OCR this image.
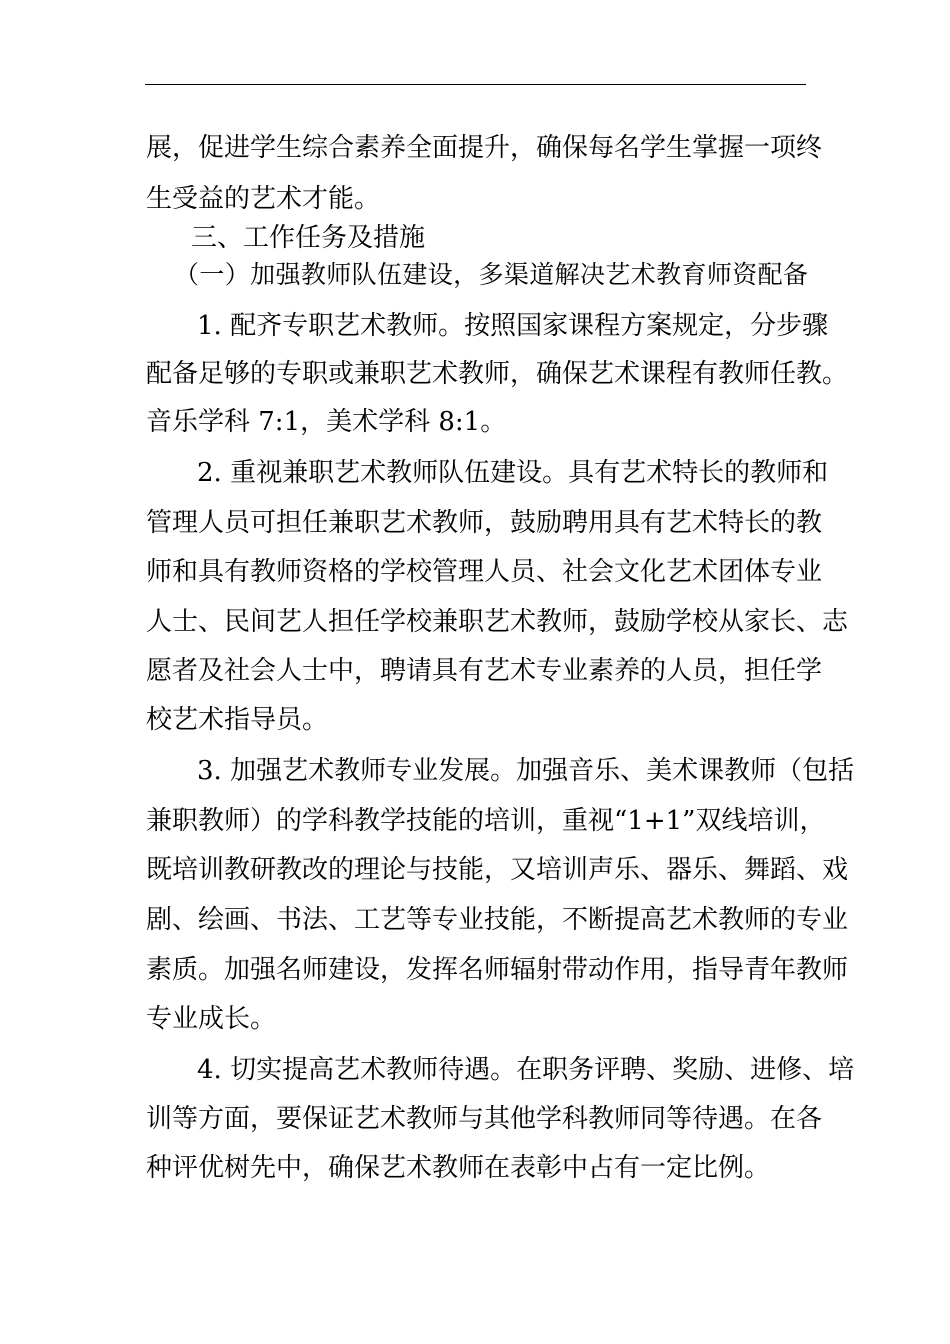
展，促进学生综合素养全面提升，确保每名学生掌握一项终
生受益的艺术才能。
三、工作任务及措施
（一）加强教师队伍建设，多渠道解决艺术教育师资配备
1. 配齐专职艺术教师。按照国家课程方案规定，分步骤
配备足够的专职或兼职艺术教师，确保艺术课程有教师任教。
音乐学科 7:1，美术学科 8:1。
2. 重视兼职艺术教师队伍建设。具有艺术特长的教师和
管理人员可担任兼职艺术教师，鼓励聘用具有艺术特长的教
师和具有教师资格的学校管理人员、社会文化艺术团体专业
人士、民间艺人担任学校兼职艺术教师，鼓励学校从家长、志
愿者及社会人士中，聘请具有艺术专业素养的人员，担任学
校艺术指导员。
3. 加强艺术教师专业发展。加强音乐、美术课教师（包括
兼职教师）的学科教学技能的培训，重视“1+1”双线培训，
既培训教研教改的理论与技能，又培训声乐、器乐、舞蹈、戏
剧、绘画、书法、工艺等专业技能，不断提高艺术教师的专业
素质。加强名师建设，发挥名师辐射带动作用，指导青年教师
专业成长。
4. 切实提高艺术教师待遇。在职务评聘、奖励、进修、培
训等方面，要保证艺术教师与其他学科教师同等待遇。在各
种评优树先中，确保艺术教师在表彰中占有一定比例。
